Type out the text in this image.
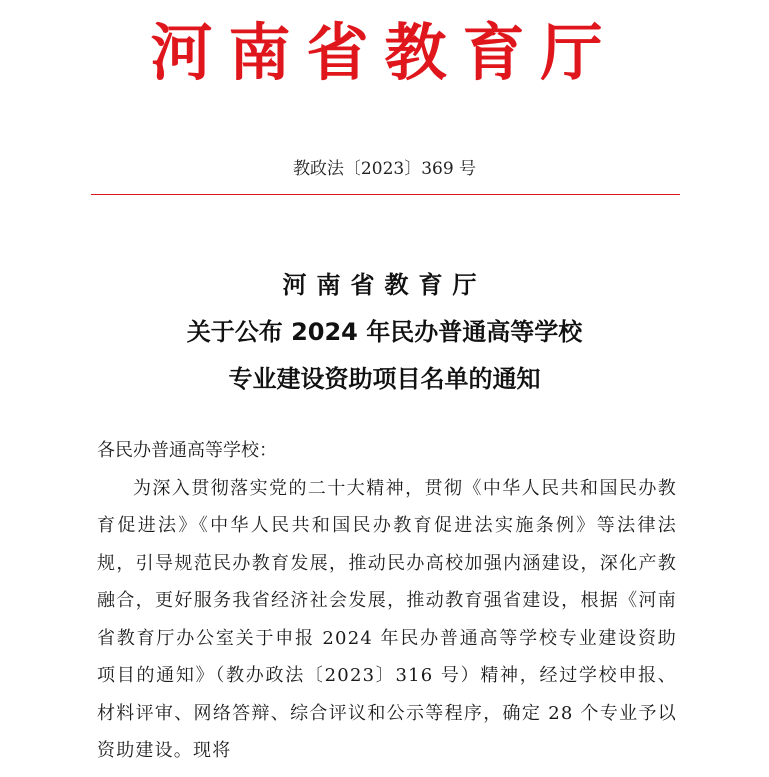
河南省教育厅
教政法〔2023〕369 号
河南省教育厅
关于公布 2024 年民办普通高等学校
专业建设资助项目名单的通知

各民办普通高等学校：

为深入贯彻落实党的二十大精神，贯彻《中华人民共和国民办教育促进法》《中华人民共和国民办教育促进法实施条例》等法律法规，引导规范民办教育发展，推动民办高校加强内涵建设，深化产教融合，更好服务我省经济社会发展，推动教育强省建设，根据《河南省教育厅办公室关于申报 2024 年民办普通高等学校专业建设资助项目的通知》（教办政法〔2023〕316 号）精神，经过学校申报、材料评审、网络答辩、综合评议和公示等程序，确定 28 个专业予以资助建设。现将
